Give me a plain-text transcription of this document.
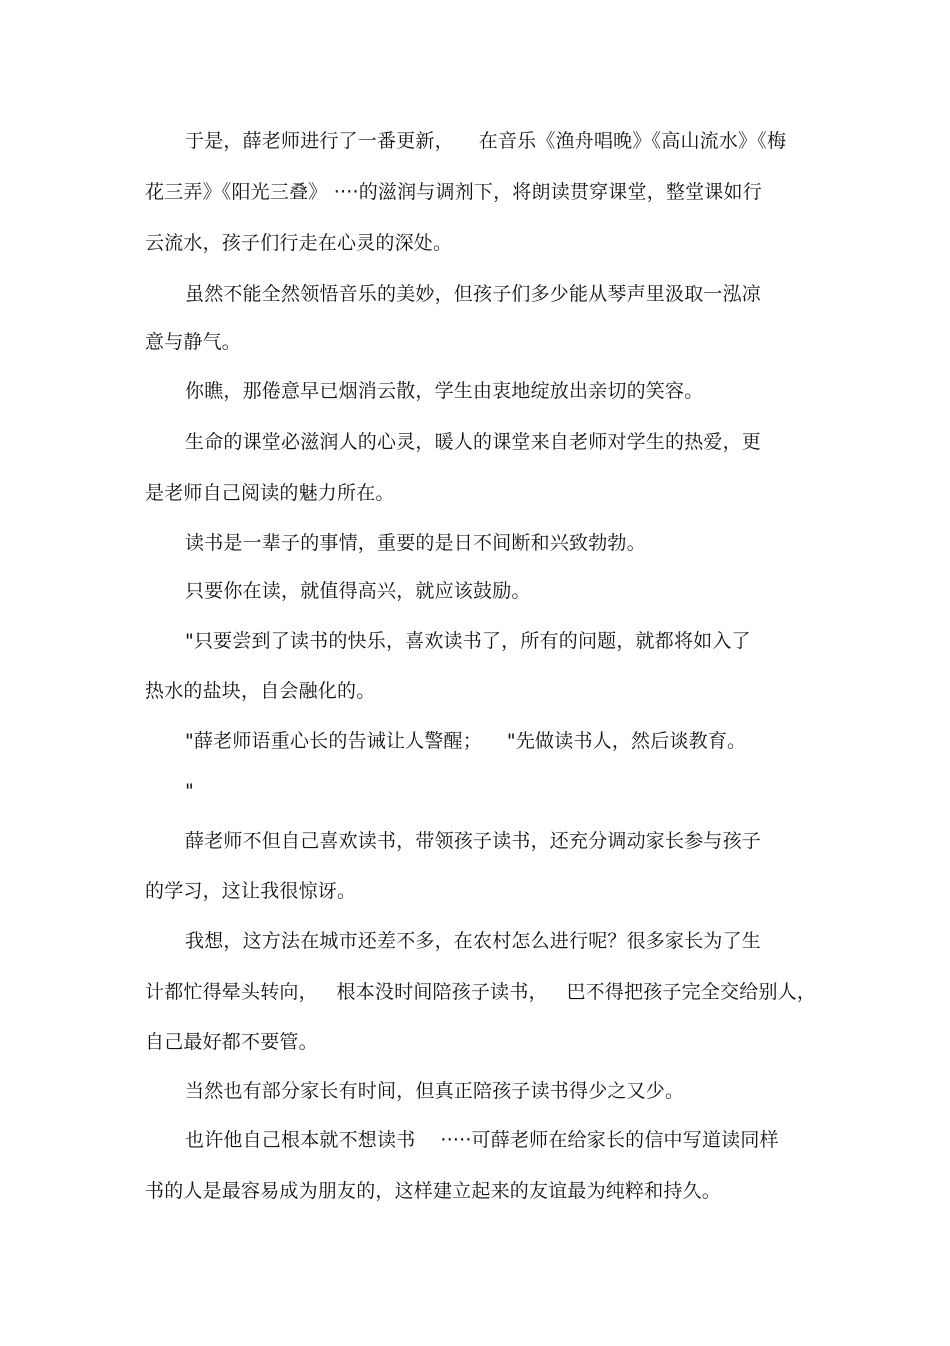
于是，薛老师进行了一番更新，    在音乐《渔舟唱晚》《高山流水》《梅
花三弄》《阳光三叠》 ····的滋润与调剂下，将朗读贯穿课堂，整堂课如行
云流水，孩子们行走在心灵的深处。
虽然不能全然领悟音乐的美妙，但孩子们多少能从琴声里汲取一泓凉
意与静气。
你瞧，那倦意早已烟消云散，学生由衷地绽放出亲切的笑容。
生命的课堂必滋润人的心灵，暖人的课堂来自老师对学生的热爱，更
是老师自己阅读的魅力所在。
读书是一辈子的事情，重要的是日不间断和兴致勃勃。
只要你在读，就值得高兴，就应该鼓励。
"只要尝到了读书的快乐，喜欢读书了，所有的问题，就都将如入了
热水的盐块，自会融化的。
"薛老师语重心长的告诫让人警醒；    "先做读书人，然后谈教育。
"
薛老师不但自己喜欢读书，带领孩子读书，还充分调动家长参与孩子
的学习，这让我很惊讶。
我想，这方法在城市还差不多，在农村怎么进行呢？很多家长为了生
计都忙得晕头转向，   根本没时间陪孩子读书，   巴不得把孩子完全交给别人，
自己最好都不要管。
当然也有部分家长有时间，但真正陪孩子读书得少之又少。
也许他自己根本就不想读书    ·····可薛老师在给家长的信中写道读同样
书的人是最容易成为朋友的，这样建立起来的友谊最为纯粹和持久。
